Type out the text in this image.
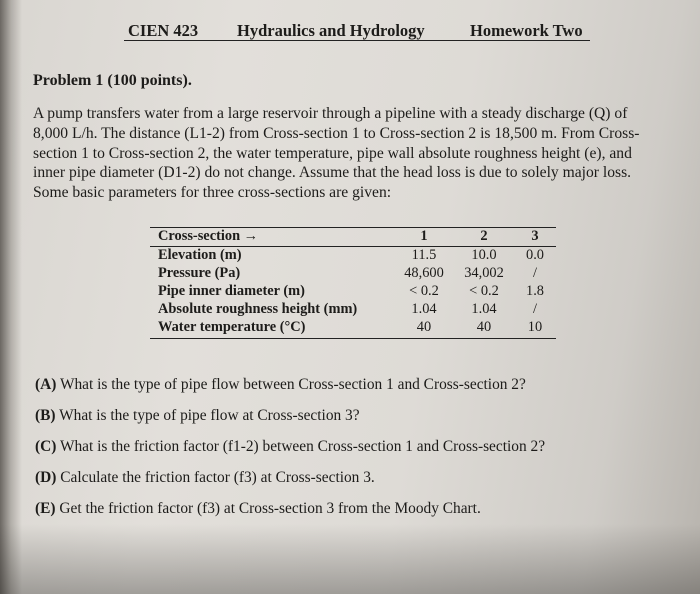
CIEN 423 Hydraulics and Hydrology	Homework Two
Problem 1 (100 points).
A pump transfers water from a large reservoir through a pipeline with a steady discharge (Q) of
8,000 L/h. The distance (L1-2) from Cross-section 1 to Cross-section 2 is 18,500 m. From Cross-
section 1 to Cross-section 2, the water temperature, pipe wall absolute roughness height (e), and
inner pipe diameter (D1-2) do not change. Assume that the head loss is due to solely major loss.
Some basic parameters for three cross-sections are given:
Cross-section →	1	2	3
Elevation (m)	11.5	10.0	0.0
Pressure (Pa)	48,600	34,002	/
Pipe inner diameter (m)	< 0.2	< 0.2	1.8
Absolute roughness height (mm)	1.04	1.04	/
Water temperature (°C)	40	40	10
(A) What is the type of pipe flow between Cross-section 1 and Cross-section 2?
(B) What is the type of pipe flow at Cross-section 3?
(C) What is the friction factor (f1-2) between Cross-section 1 and Cross-section 2?
(D) Calculate the friction factor (f3) at Cross-section 3.
(E) Get the friction factor (f3) at Cross-section 3 from the Moody Chart.
